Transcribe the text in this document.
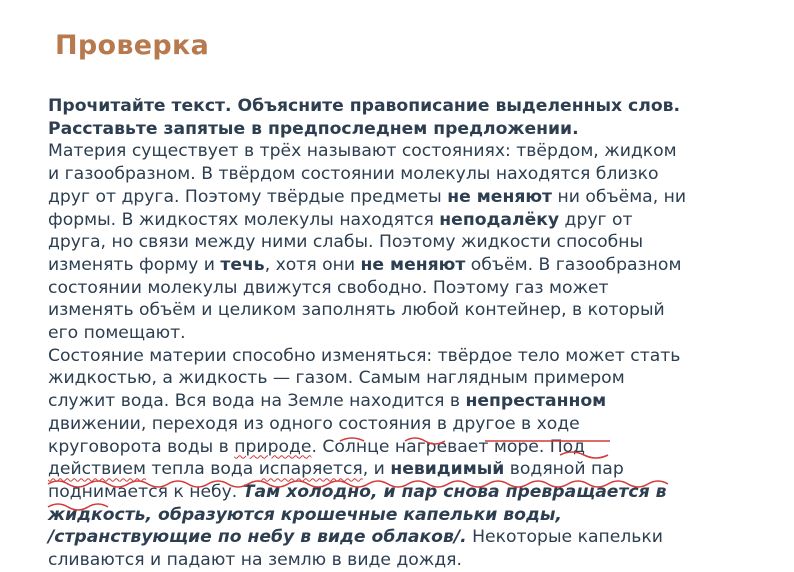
Проверка
Прочитайте текст. Объясните правописание выделенных слов.
Расставьте запятые в предпоследнем предложении.
Материя существует в трёх называют состояниях: твёрдом, жидком
и газообразном. В твёрдом состоянии молекулы находятся близко
друг от друга. Поэтому твёрдые предметы не меняют ни объёма, ни
формы. В жидкостях молекулы находятся неподалёку друг от
друга, но связи между ними слабы. Поэтому жидкости способны
изменять форму и течь, хотя они не меняют объём. В газообразном
состоянии молекулы движутся свободно. Поэтому газ может
изменять объём и целиком заполнять любой контейнер, в который
его помещают.
Состояние материи способно изменяться: твёрдое тело может стать
жидкостью, а жидкость — газом. Самым наглядным примером
служит вода. Вся вода на Земле находится в непрестанном
движении, переходя из одного состояния в другое в ходе
круговорота воды в природе. Солнце нагревает море. Под
действием тепла вода испаряется, и невидимый водяной пар
поднимается к небу. Там холодно, и пар снова превращается в
жидкость, образуются крошечные капельки воды,
/странствующие по небу в виде облаков/. Некоторые капельки
сливаются и падают на землю в виде дождя.
